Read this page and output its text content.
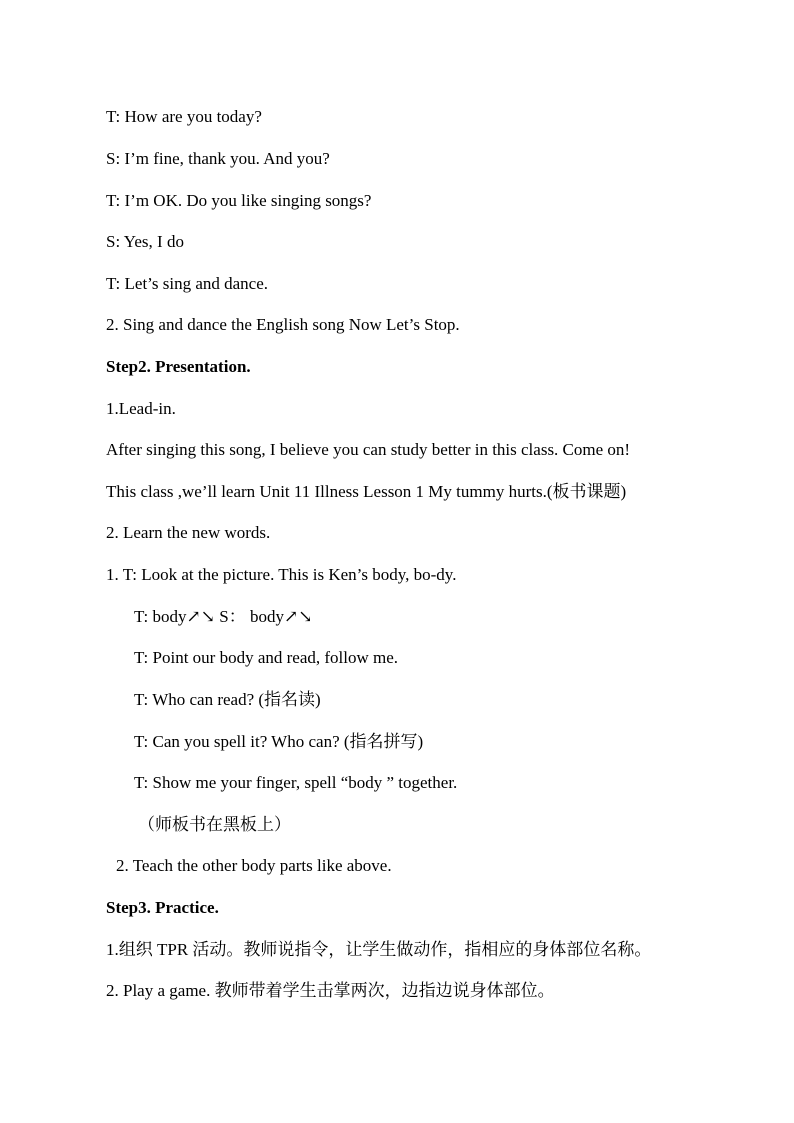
T: How are you today?
S: I’m fine, thank you. And you?
T: I’m OK. Do you like singing songs?
S: Yes, I do
T: Let’s sing and dance.
2. Sing and dance the English song Now Let’s Stop.
Step2. Presentation.
1.Lead-in.
After singing this song, I believe you can study better in this class. Come on!
This class ,we’ll learn Unit 11 Illness Lesson 1 My tummy hurts.(板书课题)
2. Learn the new words.
1. T: Look at the picture. This is Ken’s body, bo-dy.
T: body↗↘ S： body↗↘
T: Point our body and read, follow me.
T: Who can read? (指名读)
T: Can you spell it? Who can? (指名拼写)
T: Show me your finger, spell “body ” together.
（师板书在黑板上）
2. Teach the other body parts like above.
Step3. Practice.
1.组织 TPR 活动。教师说指令，让学生做动作，指相应的身体部位名称。
2. Play a game. 教师带着学生击掌两次，边指边说身体部位。
